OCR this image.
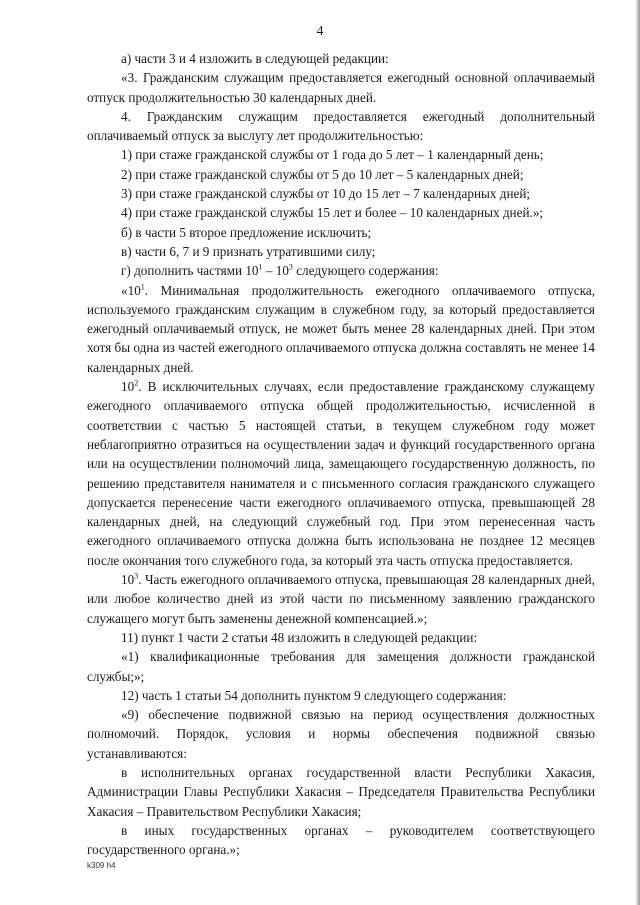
4

а) части 3 и 4 изложить в следующей редакции:

«3. Гражданским служащим предоставляется ежегодный основной оплачиваемый отпуск продолжительностью 30 календарных дней.

4. Гражданским служащим предоставляется ежегодный дополнительный оплачиваемый отпуск за выслугу лет продолжительностью:

1) при стаже гражданской службы от 1 года до 5 лет – 1 календарный день;

2) при стаже гражданской службы от 5 до 10 лет – 5 календарных дней;

3) при стаже гражданской службы от 10 до 15 лет – 7 календарных дней;

4) при стаже гражданской службы 15 лет и более – 10 календарных дней.»;

б) в части 5 второе предложение исключить;

в) части 6, 7 и 9 признать утратившими силу;

г) дополнить частями $10^1 - 10^3$ следующего содержания:

«$10^1$. Минимальная продолжительность ежегодного оплачиваемого отпуска, используемого гражданским служащим в служебном году, за который предоставляется ежегодный оплачиваемый отпуск, не может быть менее 28 календарных дней. При этом хотя бы одна из частей ежегодного оплачиваемого отпуска должна составлять не менее 14 календарных дней.

$10^2$. В исключительных случаях, если предоставление гражданскому служащему ежегодного оплачиваемого отпуска общей продолжительностью, исчисленной в соответствии с частью 5 настоящей статьи, в текущем служебном году может неблагоприятно отразиться на осуществлении задач и функций государственного органа или на осуществлении полномочий лица, замещающего государственную должность, по решению представителя нанимателя и с письменного согласия гражданского служащего допускается перенесение части ежегодного оплачиваемого отпуска, превышающей 28 календарных дней, на следующий служебный год. При этом перенесенная часть ежегодного оплачиваемого отпуска должна быть использована не позднее 12 месяцев после окончания того служебного года, за который эта часть отпуска предоставляется.

$10^3$. Часть ежегодного оплачиваемого отпуска, превышающая 28 календарных дней, или любое количество дней из этой части по письменному заявлению гражданского служащего могут быть заменены денежной компенсацией.»;

11) пункт 1 части 2 статьи 48 изложить в следующей редакции:

«1) квалификационные требования для замещения должности гражданской службы;»;

12) часть 1 статьи 54 дополнить пунктом 9 следующего содержания:

«9) обеспечение подвижной связью на период осуществления должностных полномочий. Порядок, условия и нормы обеспечения подвижной связью устанавливаются:

в исполнительных органах государственной власти Республики Хакасия, Администрации Главы Республики Хакасия – Председателя Правительства Республики Хакасия – Правительством Республики Хакасия;

в иных государственных органах – руководителем соответствующего государственного органа.»;

k309 h4
